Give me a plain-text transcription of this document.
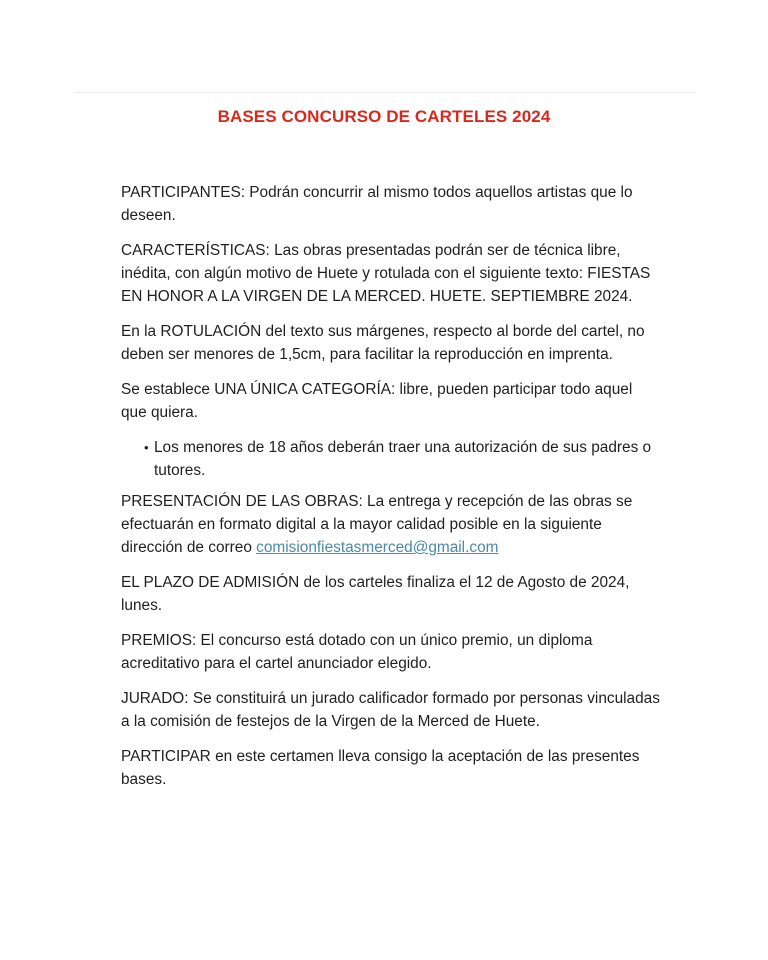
BASES CONCURSO DE CARTELES 2024

PARTICIPANTES: Podrán concurrir al mismo todos aquellos artistas que lo deseen.

CARACTERÍSTICAS: Las obras presentadas podrán ser de técnica libre, inédita, con algún motivo de Huete y rotulada con el siguiente texto: FIESTAS EN HONOR A LA VIRGEN DE LA MERCED. HUETE. SEPTIEMBRE 2024.

En la ROTULACIÓN del texto sus márgenes, respecto al borde del cartel, no deben ser menores de 1,5cm, para facilitar la reproducción en imprenta.

Se establece UNA ÚNICA CATEGORÍA: libre, pueden participar todo aquel que quiera.

• Los menores de 18 años deberán traer una autorización de sus padres o tutores.

PRESENTACIÓN DE LAS OBRAS: La entrega y recepción de las obras se efectuarán en formato digital a la mayor calidad posible en la siguiente dirección de correo comisionfiestasmerced@gmail.com

EL PLAZO DE ADMISIÓN de los carteles finaliza el 12 de Agosto de 2024, lunes.

PREMIOS: El concurso está dotado con un único premio, un diploma acreditativo para el cartel anunciador elegido.

JURADO: Se constituirá un jurado calificador formado por personas vinculadas a la comisión de festejos de la Virgen de la Merced de Huete.

PARTICIPAR en este certamen lleva consigo la aceptación de las presentes bases.
